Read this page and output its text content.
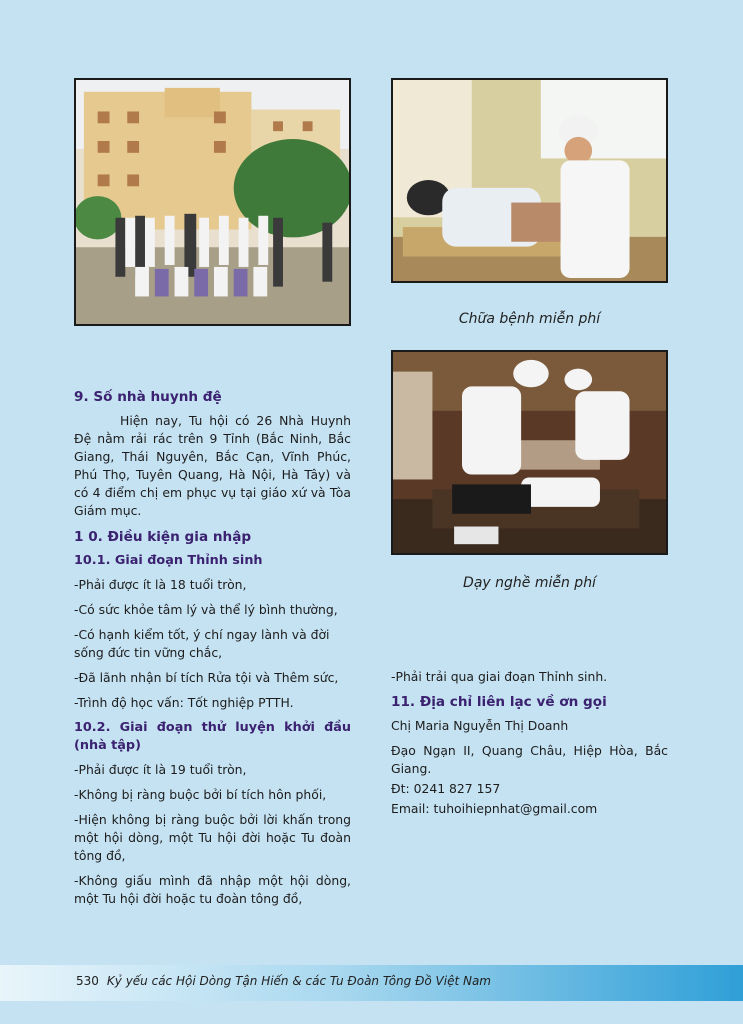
Chữa bệnh miễn phí
Dạy nghề miễn phí
9. Số nhà huynh đệ

Hiện nay, Tu hội có 26 Nhà Huynh Đệ nằm rải rác trên 9 Tỉnh (Bắc Ninh, Bắc Giang, Thái Nguyên, Bắc Cạn, Vĩnh Phúc, Phú Thọ, Tuyên Quang, Hà Nội, Hà Tây) và có 4 điểm chị em phục vụ tại giáo xứ và Tòa Giám mục.

1 0. Điều kiện gia nhập
10.1. Giai đoạn Thỉnh sinh

-Phải được ít là 18 tuổi tròn,

-Có sức khỏe tâm lý và thể lý bình thường,

-Có hạnh kiểm tốt, ý chí ngay lành và đời sống đức tin vững chắc,

-Đã lãnh nhận bí tích Rửa tội và Thêm sức,

-Trình độ học vấn: Tốt nghiệp PTTH.

10.2. Giai đoạn thử luyện khởi đầu (nhà tập)

-Phải được ít là 19 tuổi tròn,

-Không bị ràng buộc bởi bí tích hôn phối,

-Hiện không bị ràng buộc bởi lời khấn trong một hội dòng, một Tu hội đời hoặc Tu đoàn tông đồ,

-Không giấu mình đã nhập một hội dòng, một Tu hội đời hoặc tu đoàn tông đồ,

-Phải trải qua giai đoạn Thỉnh sinh.

11. Địa chỉ liên lạc về ơn gọi

Chị Maria Nguyễn Thị Doanh

Đạo Ngạn II, Quang Châu, Hiệp Hòa, Bắc Giang.

Đt: 0241 827 157

Email: tuhoihiepnhat@gmail.com

530 Kỷ yếu các Hội Dòng Tận Hiến & các Tu Đoàn Tông Đồ Việt Nam
